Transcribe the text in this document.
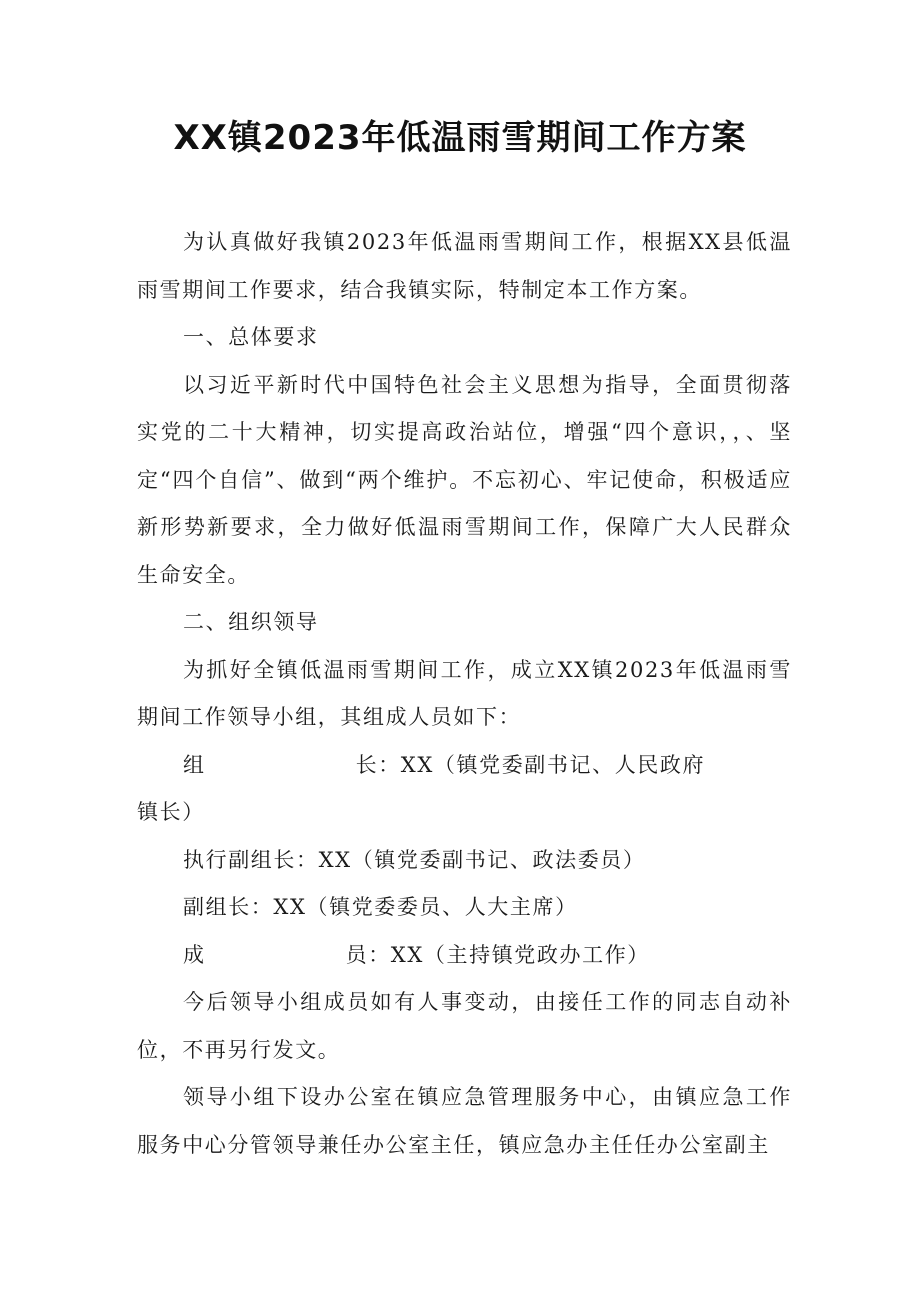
XX镇2023年低温雨雪期间工作方案

为认真做好我镇2023年低温雨雪期间工作，根据XX县低温雨雪期间工作要求，结合我镇实际，特制定本工作方案。

一、总体要求

以习近平新时代中国特色社会主义思想为指导，全面贯彻落实党的二十大精神，切实提高政治站位，增强“四个意识，，、坚定“四个自信”、做到“两个维护。不忘初心、牢记使命，积极适应新形势新要求，全力做好低温雨雪期间工作，保障广大人民群众生命安全。

二、组织领导

为抓好全镇低温雨雪期间工作，成立XX镇2023年低温雨雪期间工作领导小组，其组成人员如下：

组	长：XX（镇党委副书记、人民政府
镇长）
执行副组长：XX（镇党委副书记、政法委员）
副组长：XX（镇党委委员、人大主席）
成	员：XX（主持镇党政办工作）

今后领导小组成员如有人事变动，由接任工作的同志自动补位，不再另行发文。

领导小组下设办公室在镇应急管理服务中心，由镇应急工作服务中心分管领导兼任办公室主任，镇应急办主任任办公室副主
